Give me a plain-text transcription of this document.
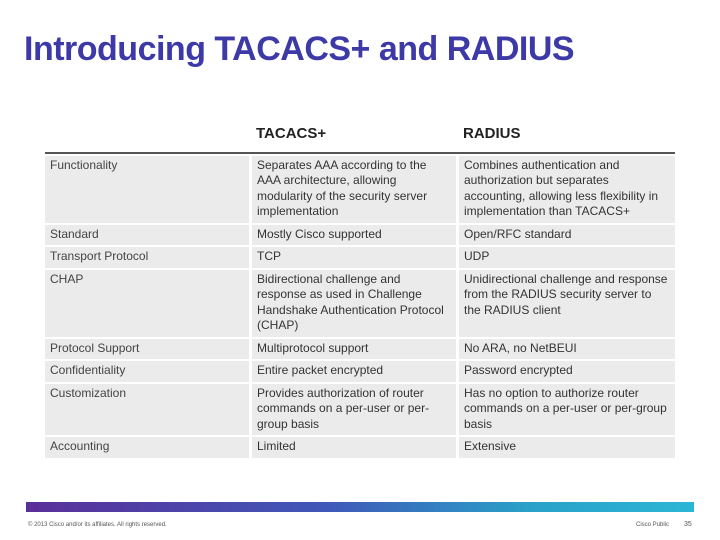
Introducing TACACS+ and RADIUS
	TACACS+	RADIUS

Functionality	Separates AAA according to the AAA architecture, allowing modularity of the security server implementation	Combines authentication and authorization but separates accounting, allowing less flexibility in implementation than TACACS+
Standard	Mostly Cisco supported	Open/RFC standard
Transport Protocol	TCP	UDP
CHAP	Bidirectional challenge and response as used in Challenge Handshake Authentication Protocol (CHAP)	Unidirectional challenge and response from the RADIUS security server to the RADIUS client
Protocol Support	Multiprotocol support	No ARA, no NetBEUI
Confidentiality	Entire packet encrypted	Password encrypted
Customization	Provides authorization of router commands on a per-user or per-group basis	Has no option to authorize router commands on a per-user or per-group basis
Accounting	Limited	Extensive
© 2013 Cisco and/or its affiliates. All rights reserved.	Cisco Public 35
